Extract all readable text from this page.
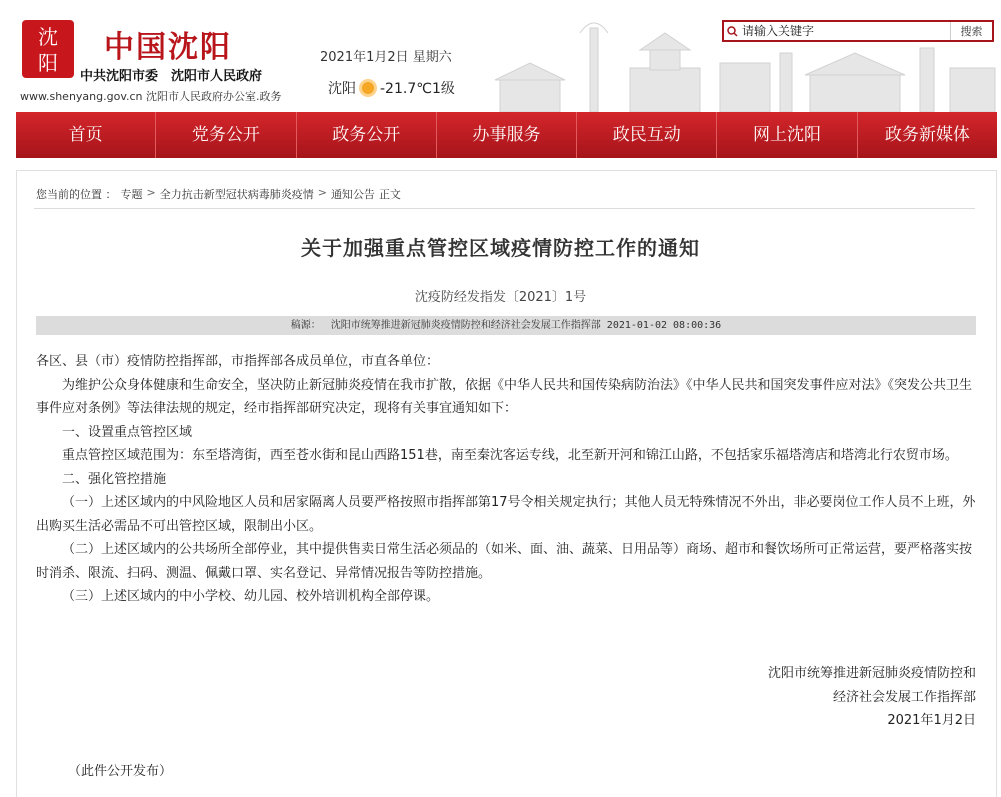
沈
阳	中国沈阳
中共沈阳市委　沈阳市人民政府
www.shenyang.gov.cn 沈阳市人民政府办公室.政务
2021年1月2日 星期六
沈阳 -21.7℃1级
请输入关键字
搜索
首页	党务公开	政务公开	办事服务	政民互动	网上沈阳	政务新媒体
您当前的位置 ： 专题 > 全力抗击新型冠状病毒肺炎疫情 > 通知公告 正文
关于加强重点管控区域疫情防控工作的通知
沈疫防经发指发〔2021〕1号
稿源： 沈阳市统筹推进新冠肺炎疫情防控和经济社会发展工作指挥部 2021-01-02 08:00:36

各区、县（市）疫情防控指挥部，市指挥部各成员单位，市直各单位：

为维护公众身体健康和生命安全，坚决防止新冠肺炎疫情在我市扩散，依据《中华人民共和国传染病防治法》《中华人民共和国突发事件应对法》《突发公共卫生事件应对条例》等法律法规的规定，经市指挥部研究决定，现将有关事宜通知如下：

一、设置重点管控区域

重点管控区域范围为：东至塔湾街，西至苍水街和昆山西路151巷，南至秦沈客运专线，北至新开河和锦江山路，不包括家乐福塔湾店和塔湾北行农贸市场。

二、强化管控措施

（一）上述区域内的中风险地区人员和居家隔离人员要严格按照市指挥部第17号令相关规定执行；其他人员无特殊情况不外出，非必要岗位工作人员不上班，外出购买生活必需品不可出管控区域，限制出小区。

（二）上述区域内的公共场所全部停业，其中提供售卖日常生活必须品的（如米、面、油、蔬菜、日用品等）商场、超市和餐饮场所可正常运营，要严格落实按时消杀、限流、扫码、测温、佩戴口罩、实名登记、异常情况报告等防控措施。

（三）上述区域内的中小学校、幼儿园、校外培训机构全部停课。

沈阳市统筹推进新冠肺炎疫情防控和
经济社会发展工作指挥部
2021年1月2日
（此件公开发布）
